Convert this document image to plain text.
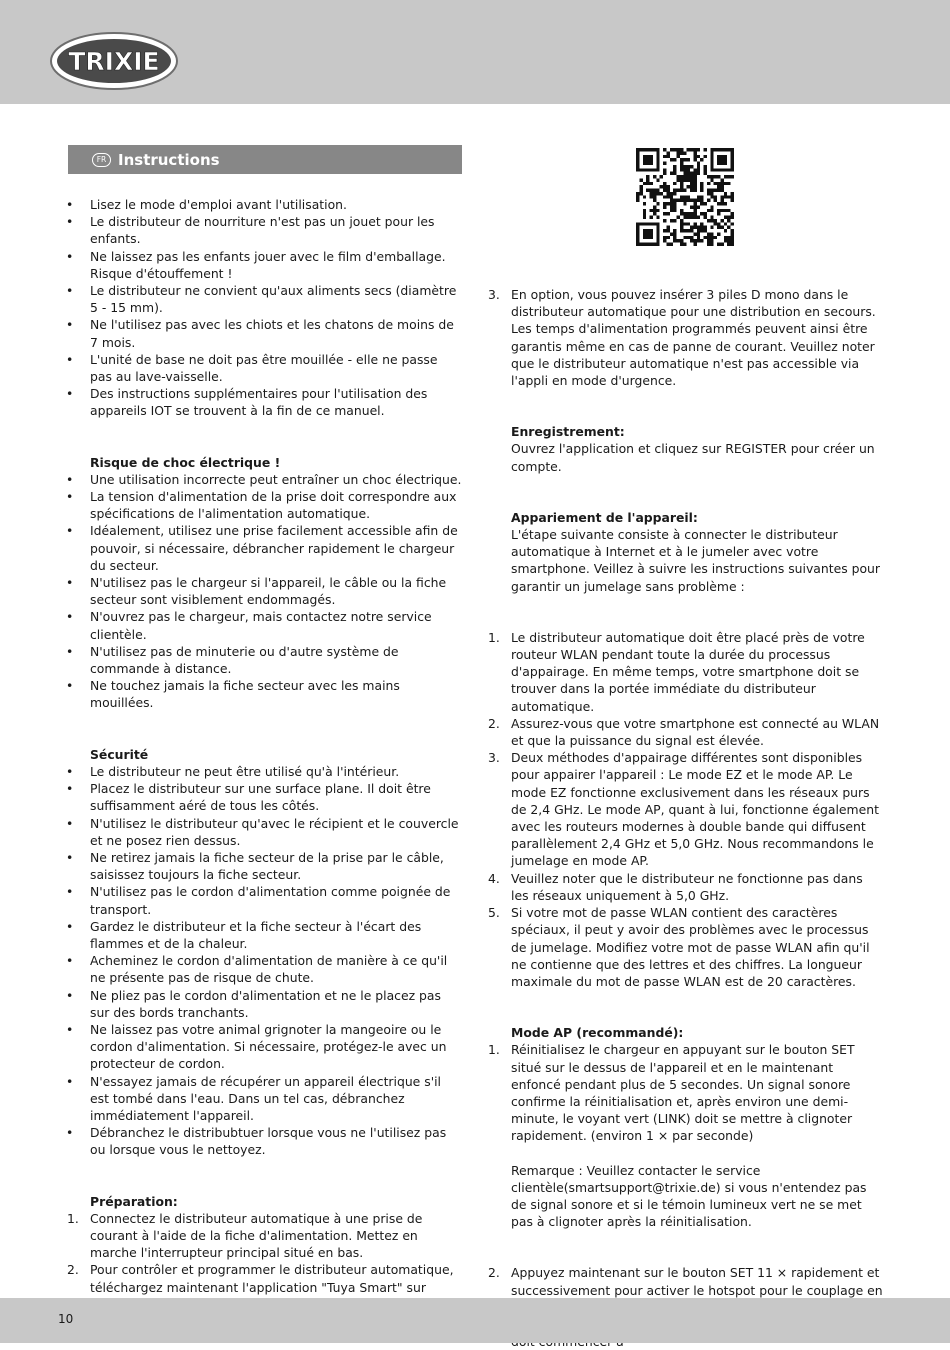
TRIXIE
FR Instructions
• Lisez le mode d'emploi avant l'utilisation.
• Le distributeur de nourriture n'est pas un jouet pour les enfants.
• Ne laissez pas les enfants jouer avec le film d'emballage. Risque d'étouffement !
• Le distributeur ne convient qu'aux aliments secs (diamètre 5 - 15 mm).
• Ne l'utilisez pas avec les chiots et les chatons de moins de 7 mois.
• L'unité de base ne doit pas être mouillée - elle ne passe pas au lave-vaisselle.
• Des instructions supplémentaires pour l'utilisation des appareils IOT se trouvent à la fin de ce manuel.
Risque de choc électrique !
• Une utilisation incorrecte peut entraîner un choc électrique.
• La tension d'alimentation de la prise doit correspondre aux spécifications de l'alimentation automatique.
• Idéalement, utilisez une prise facilement accessible afin de pouvoir, si nécessaire, débrancher rapidement le chargeur du secteur.
• N'utilisez pas le chargeur si l'appareil, le câble ou la fiche secteur sont visiblement endommagés.
• N'ouvrez pas le chargeur, mais contactez notre service clientèle.
• N'utilisez pas de minuterie ou d'autre système de commande à distance.
• Ne touchez jamais la fiche secteur avec les mains mouillées.
Sécurité
• Le distributeur ne peut être utilisé qu'à l'intérieur.
• Placez le distributeur sur une surface plane. Il doit être suffisamment aéré de tous les côtés.
• N'utilisez le distributeur qu'avec le récipient et le couvercle et ne posez rien dessus.
• Ne retirez jamais la fiche secteur de la prise par le câble, saisissez toujours la fiche secteur.
• N'utilisez pas le cordon d'alimentation comme poignée de transport.
• Gardez le distributeur et la fiche secteur à l'écart des flammes et de la chaleur.
• Acheminez le cordon d'alimentation de manière à ce qu'il ne présente pas de risque de chute.
• Ne pliez pas le cordon d'alimentation et ne le placez pas sur des bords tranchants.
• Ne laissez pas votre animal grignoter la mangeoire ou le cordon d'alimentation. Si nécessaire, protégez-le avec un protecteur de cordon.
• N'essayez jamais de récupérer un appareil électrique s'il est tombé dans l'eau. Dans un tel cas, débranchez immédiatement l'appareil.
• Débranchez le distribubtuer lorsque vous ne l'utilisez pas ou lorsque vous le nettoyez.
Préparation:
1. Connectez le distributeur automatique à une prise de courant à l'aide de la fiche d'alimentation. Mettez en marche l'interrupteur principal situé en bas.
2. Pour contrôler et programmer le distributeur automatique, téléchargez maintenant l'application "Tuya Smart" sur
3. En option, vous pouvez insérer 3 piles D mono dans le distributeur automatique pour une distribution en secours. Les temps d'alimentation programmés peuvent ainsi être garantis même en cas de panne de courant. Veuillez noter que le distributeur automatique n'est pas accessible via l'appli en mode d'urgence.
Enregistrement:
Ouvrez l'application et cliquez sur REGISTER pour créer un compte.
Appariement de l'appareil:
L'étape suivante consiste à connecter le distributeur automatique à Internet et à le jumeler avec votre smartphone. Veillez à suivre les instructions suivantes pour garantir un jumelage sans problème :
1. Le distributeur automatique doit être placé près de votre routeur WLAN pendant toute la durée du processus d'appairage. En même temps, votre smartphone doit se trouver dans la portée immédiate du distributeur automatique.
2. Assurez-vous que votre smartphone est connecté au WLAN et que la puissance du signal est élevée.
3. Deux méthodes d'appairage différentes sont disponibles pour appairer l'appareil : Le mode EZ et le mode AP. Le mode EZ fonctionne exclusivement dans les réseaux purs de 2,4 GHz. Le mode AP, quant à lui, fonctionne également avec les routeurs modernes à double bande qui diffusent parallèlement 2,4 GHz et 5,0 GHz. Nous recommandons le jumelage en mode AP.
4. Veuillez noter que le distributeur ne fonctionne pas dans les réseaux uniquement à 5,0 GHz.
5. Si votre mot de passe WLAN contient des caractères spéciaux, il peut y avoir des problèmes avec le processus de jumelage. Modifiez votre mot de passe WLAN afin qu'il ne contienne que des lettres et des chiffres. La longueur maximale du mot de passe WLAN est de 20 caractères.
Mode AP (recommandé):
1. Réinitialisez le chargeur en appuyant sur le bouton SET situé sur le dessus de l'appareil et en le maintenant enfoncé pendant plus de 5 secondes. Un signal sonore confirme la réinitialisation et, après environ une demi-minute, le voyant vert (LINK) doit se mettre à clignoter rapidement. (environ 1 × par seconde)
Remarque : Veuillez contacter le service clientèle(smartsupport@trixie.de) si vous n'entendez pas de signal sonore et si le témoin lumineux vert ne se met pas à clignoter après la réinitialisation.
2. Appuyez maintenant sur le bouton SET 11 × rapidement et successivement pour activer le hotspot pour le couplage en
10
